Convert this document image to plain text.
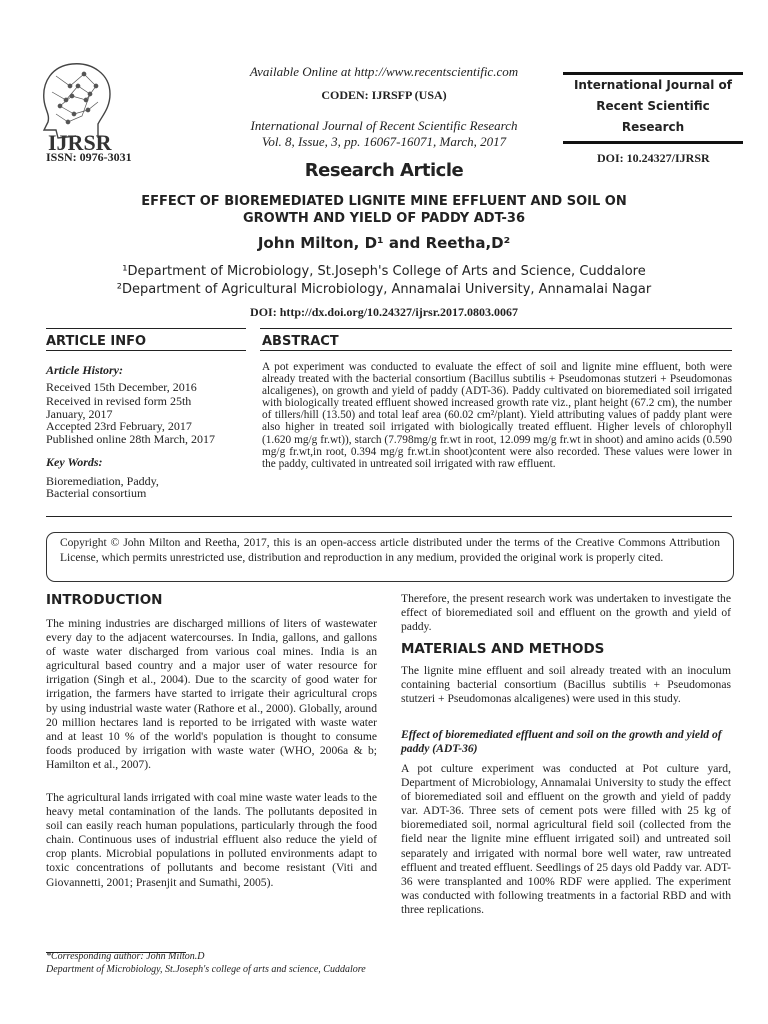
IJRSR
Available Online at http://www.recentscientific.com
CODEN: IJRSFP (USA)
International Journal of Recent Scientific Research
Vol. 8, Issue, 3, pp. 16067-16071, March, 2017
ISSN: 0976-3031	DOI: 10.24327/IJRSR
International Journal of
Recent Scientific
Research
Research Article
EFFECT OF BIOREMEDIATED LIGNITE MINE EFFLUENT AND SOIL ON
GROWTH AND YIELD OF PADDY ADT-36
John Milton, D¹ and Reetha,D²
¹Department of Microbiology, St.Joseph's College of Arts and Science, Cuddalore
²Department of Agricultural Microbiology, Annamalai University, Annamalai Nagar
DOI: http://dx.doi.org/10.24327/ijrsr.2017.0803.0067
ARTICLE INFO	ABSTRACT
Article History:
Received 15th December, 2016
Received in revised form 25th
January, 2017
Accepted 23rd February, 2017
Published online 28th March, 2017
Key Words:
Bioremediation, Paddy,
Bacterial consortium
A pot experiment was conducted to evaluate the effect of soil and lignite mine effluent, both were already treated with the bacterial consortium (Bacillus subtilis + Pseudomonas stutzeri + Pseudomonas alcaligenes), on growth and yield of paddy (ADT-36). Paddy cultivated on bioremediated soil irrigated with biologically treated effluent showed increased growth rate viz., plant height (67.2 cm), the number of tillers/hill (13.50) and total leaf area (60.02 cm²/plant). Yield attributing values of paddy plant were also higher in treated soil irrigated with biologically treated effluent. Higher levels of chlorophyll (1.620 mg/g fr.wt)), starch (7.798mg/g fr.wt in root, 12.099 mg/g fr.wt in shoot) and amino acids (0.590 mg/g fr.wt,in root, 0.394 mg/g fr.wt.in shoot)content were also recorded. These values were lower in the paddy, cultivated in untreated soil irrigated with raw effluent.
Copyright © John Milton and Reetha, 2017, this is an open-access article distributed under the terms of the Creative Commons Attribution License, which permits unrestricted use, distribution and reproduction in any medium, provided the original work is properly cited.
INTRODUCTION
The mining industries are discharged millions of liters of wastewater every day to the adjacent watercourses. In India, gallons, and gallons of waste water discharged from various coal mines. India is an agricultural based country and a major user of water resource for irrigation (Singh et al., 2004). Due to the scarcity of good water for irrigation, the farmers have started to irrigate their agricultural crops by using industrial waste water (Rathore et al., 2000). Globally, around 20 million hectares land is reported to be irrigated with waste water and at least 10 % of the world's population is thought to consume foods produced by irrigation with waste water (WHO, 2006a & b; Hamilton et al., 2007).
The agricultural lands irrigated with coal mine waste water leads to the heavy metal contamination of the lands. The pollutants deposited in soil can easily reach human populations, particularly through the food chain. Continuous uses of industrial effluent also reduce the yield of crop plants. Microbial populations in polluted environments adapt to toxic concentrations of pollutants and become resistant (Viti and Giovannetti, 2001; Prasenjit and Sumathi, 2005).
Therefore, the present research work was undertaken to investigate the effect of bioremediated soil and effluent on the growth and yield of paddy.
MATERIALS AND METHODS
The lignite mine effluent and soil already treated with an inoculum containing bacterial consortium (Bacillus subtilis + Pseudomonas stutzeri + Pseudomonas alcaligenes) were used in this study.
Effect of bioremediated effluent and soil on the growth and yield of paddy (ADT-36)
A pot culture experiment was conducted at Pot culture yard, Department of Microbiology, Annamalai University to study the effect of bioremediated soil and effluent on the growth and yield of paddy var. ADT-36. Three sets of cement pots were filled with 25 kg of bioremediated soil, normal agricultural field soil (collected from the field near the lignite mine effluent irrigated soil) and untreated soil separately and irrigated with normal bore well water, raw untreated effluent and treated effluent. Seedlings of 25 days old Paddy var. ADT-36 were transplanted and 100% RDF were applied. The experiment was conducted with following treatments in a factorial RBD and with three replications.
*Corresponding author: John Milton.D
Department of Microbiology, St.Joseph's college of arts and science, Cuddalore
